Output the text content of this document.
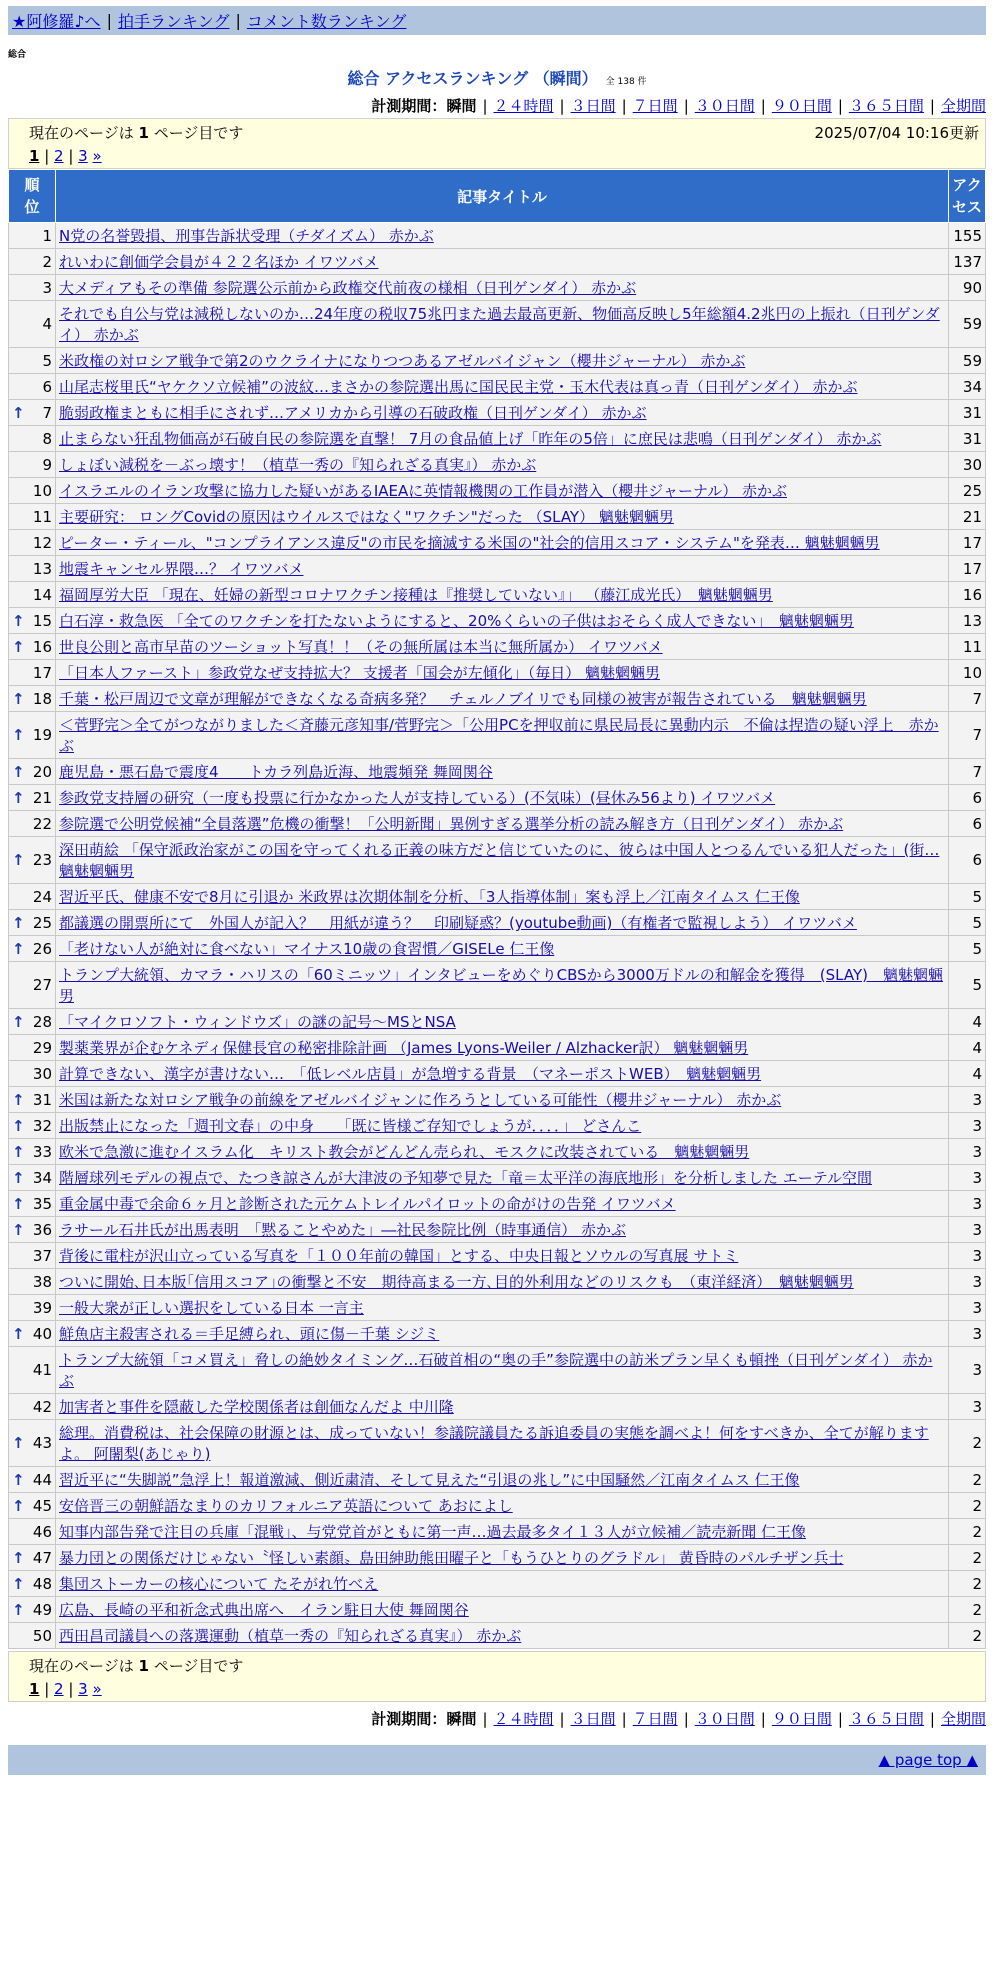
★阿修羅♪へ | 拍手ランキング | コメント数ランキング
総合
総合 アクセスランキング （瞬間） 全 138 件
計測期間：瞬間 | ２４時間 | ３日間 | ７日間 | ３０日間 | ９０日間 | ３６５日間 | 全期間
現在のページは 1 ページ目です	2025/07/04 10:16更新
1 | 2 | 3 »
順位	記事タイトル	アクセス

1	N党の名誉毀損、刑事告訴状受理（チダイズム） 赤かぶ	155
2	れいわに創価学会員が４２２名ほか イワツバメ	137
3	大メディアもその準備 参院選公示前から政権交代前夜の様相（日刊ゲンダイ） 赤かぶ	90
4	それでも自公与党は減税しないのか…24年度の税収75兆円また過去最高更新、物価高反映し5年総額4.2兆円の上振れ（日刊ゲンダイ） 赤かぶ	59
5	米政権の対ロシア戦争で第2のウクライナになりつつあるアゼルバイジャン（櫻井ジャーナル） 赤かぶ	59
6	山尾志桜里氏“ヤケクソ立候補”の波紋…まさかの参院選出馬に国民民主党・玉木代表は真っ青（日刊ゲンダイ） 赤かぶ	34

↑ 7	脆弱政権まともに相手にされず…アメリカから引導の石破政権（日刊ゲンダイ） 赤かぶ	31
8	止まらない狂乱物価高が石破自民の参院選を直撃！ 7月の食品値上げ「昨年の5倍」に庶民は悲鳴（日刊ゲンダイ） 赤かぶ	31
9	しょぼい減税を－ぶっ壊す！（植草一秀の『知られざる真実』） 赤かぶ	30
10	イスラエルのイラン攻撃に協力した疑いがあるIAEAに英情報機関の工作員が潜入（櫻井ジャーナル） 赤かぶ	25
11	主要研究： ロングCovidの原因はウイルスではなく"ワクチン"だった （SLAY） 魑魅魍魎男	21
12	ピーター・ティール、"コンプライアンス違反"の市民を摘滅する米国の"社会的信用スコア・システム"を発表… 魑魅魍魎男	17
13	地震キャンセル界隈…？ イワツバメ	17
14	福岡厚労大臣 「現在、妊婦の新型コロナワクチン接種は『推奨していない』」 （藤江成光氏）　魑魅魍魎男	16

↑ 15	白石淳・救急医 「全てのワクチンを打たないようにすると、20%くらいの子供はおそらく成人できない」　魑魅魍魎男	13

↑ 16	世良公則と高市早苗のツーショット写真！！（その無所属は本当に無所属か） イワツバメ	11
17	「日本人ファースト」参政党なぜ支持拡大？ 支援者「国会が左傾化」（毎日） 魑魅魍魎男	10

↑ 18	千葉・松戸周辺で文章が理解ができなくなる奇病多発？　チェルノブイリでも同様の被害が報告されている　魑魅魍魎男	7

↑ 19	＜菅野完＞全てがつながりました＜斉藤元彦知事/菅野完＞「公用PCを押収前に県民局長に異動内示　不倫は捏造の疑い浮上　赤かぶ	7

↑ 20	鹿児島・悪石島で震度4　　トカラ列島近海、地震頻発 舞岡関谷	7

↑ 21	参政党支持層の研究（一度も投票に行かなかった人が支持している）(不気味）(昼休み56より) イワツバメ	6
22	参院選で公明党候補“全員落選”危機の衝撃！「公明新聞」異例すぎる選挙分析の読み解き方（日刊ゲンダイ） 赤かぶ	6

↑ 23	深田萌絵 「保守派政治家がこの国を守ってくれる正義の味方だと信じていたのに、彼らは中国人とつるんでいる犯人だった」(街… 魑魅魍魎男	6
24	習近平氏、健康不安で8月に引退か 米政界は次期体制を分析、「3人指導体制」案も浮上／江南タイムス 仁王像	5

↑ 25	都議選の開票所にて　外国人が記入？　用紙が違う？　印刷疑惑？(youtube動画)（有権者で監視しよう） イワツバメ	5

↑ 26	「老けない人が絶対に食べない」マイナス10歳の食習慣／GISELe 仁王像	5
27	トランプ大統領、カマラ・ハリスの「60ミニッツ」インタビューをめぐりCBSから3000万ドルの和解金を獲得　(SLAY)　魑魅魍魎男	5

↑ 28	「マイクロソフト・ウィンドウズ」の謎の記号～MSとNSA	4
29	製薬業界が企むケネディ保健長官の秘密排除計画 （James Lyons-Weiler / Alzhacker訳） 魑魅魍魎男	4
30	計算できない、漢字が書けない…　「低レベル店員」が急増する背景　（マネーポストWEB）　魑魅魍魎男	4

↑ 31	米国は新たな対ロシア戦争の前線をアゼルバイジャンに作ろうとしている可能性（櫻井ジャーナル） 赤かぶ	3

↑ 32	出版禁止になった「週刊文春」の中身　　「既に皆様ご存知でしょうが．．．．」 どさんこ	3

↑ 33	欧米で急激に進むイスラム化　キリスト教会がどんどん売られ、モスクに改装されている　魑魅魍魎男	3

↑ 34	階層球列モデルの視点で、たつき諒さんが大津波の予知夢で見た「竜＝太平洋の海底地形」を分析しました エーテル空間	3

↑ 35	重金属中毒で余命６ヶ月と診断された元ケムトレイルパイロットの命がけの告発 イワツバメ	3

↑ 36	ラサール石井氏が出馬表明　「黙ることやめた」―社民参院比例（時事通信） 赤かぶ	3
37	背後に電柱が沢山立っている写真を「１００年前の韓国」とする、中央日報とソウルの写真展 サトミ	3
38	ついに開始､日本版｢信用スコア｣の衝撃と不安　期待高まる一方､目的外利用などのリスクも　（東洋経済）　魑魅魍魎男	3
39	一般大衆が正しい選択をしている日本 一言主	3

↑ 40	鮮魚店主殺害される＝手足縛られ、頭に傷－千葉 シジミ	3
41	トランプ大統領「コメ買え」脅しの絶妙タイミング…石破首相の“奥の手”参院選中の訪米プラン早くも頓挫（日刊ゲンダイ） 赤かぶ	3
42	加害者と事件を隠蔽した学校関係者は創価なんだよ 中川隆	3

↑ 43	総理。消費税は、社会保障の財源とは、成っていない！参議院議員たる訴追委員の実態を調べよ！何をすべきか、全てが解りますよ。 阿闍梨(あじゃり)	2

↑ 44	習近平に“失脚説”急浮上！報道激減、側近粛清、そして見えた“引退の兆し”に中国騒然／江南タイムス 仁王像	2

↑ 45	安倍晋三の朝鮮語なまりのカリフォルニア英語について あおによし	2
46	知事内部告発で注目の兵庫「混戦」、与党党首がともに第一声…過去最多タイ１３人が立候補／読売新聞 仁王像	2

↑ 47	暴力団との関係だけじゃない〝怪しい素顔〟島田紳助熊田曜子と「もうひとりのグラドル」 黄昏時のパルチザン兵士	2

↑ 48	集団ストーカーの核心について たそがれ竹べえ	2

↑ 49	広島、長崎の平和祈念式典出席へ　イラン駐日大使 舞岡関谷	2
50	西田昌司議員への落選運動（植草一秀の『知られざる真実』） 赤かぶ	2
現在のページは 1 ページ目です
1 | 2 | 3 »
計測期間：瞬間 | ２４時間 | ３日間 | ７日間 | ３０日間 | ９０日間 | ３６５日間 | 全期間
▲ page top ▲
